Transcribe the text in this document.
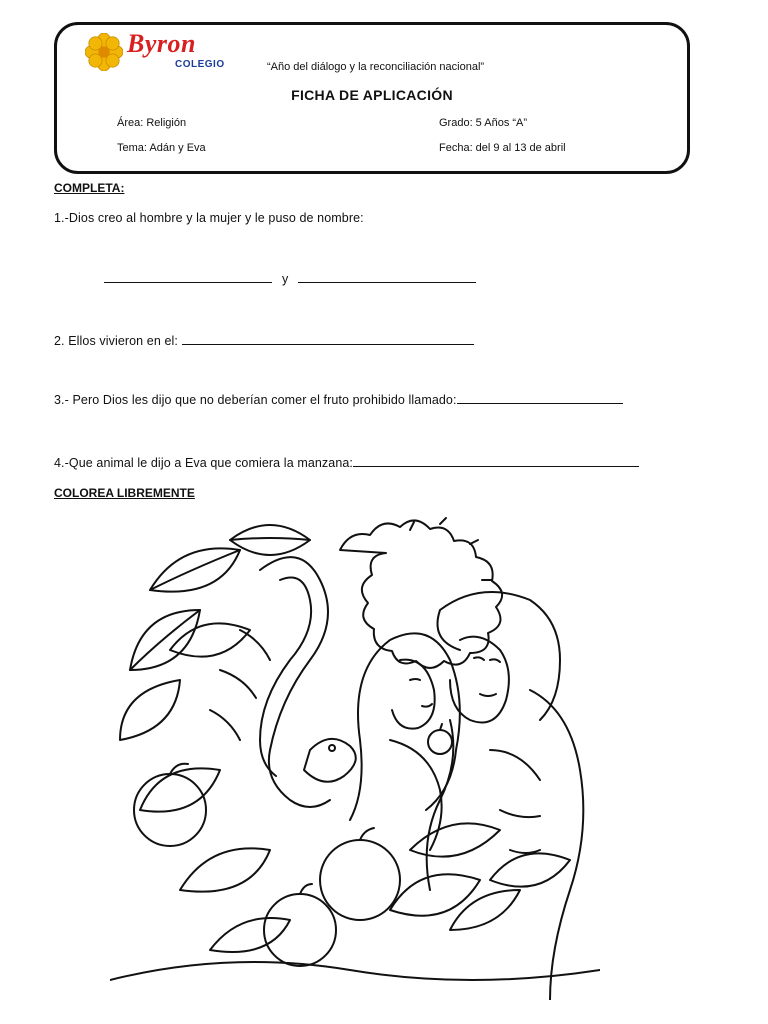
Byron
COLEGIO	“Año del diálogo y la reconciliación nacional”
FICHA DE APLICACIÓN
Área: Religión	Grado: 5 Años “A”
Tema: Adán y Eva	Fecha: del 9 al 13 de abril
COMPLETA:
1.-Dios creo al hombre y la mujer y le puso de nombre:
y
2. Ellos vivieron en el:
3.- Pero Dios les dijo que no deberían comer el fruto prohibido llamado:
4.-Que animal le dijo a Eva que comiera la manzana:
COLOREA LIBREMENTE
